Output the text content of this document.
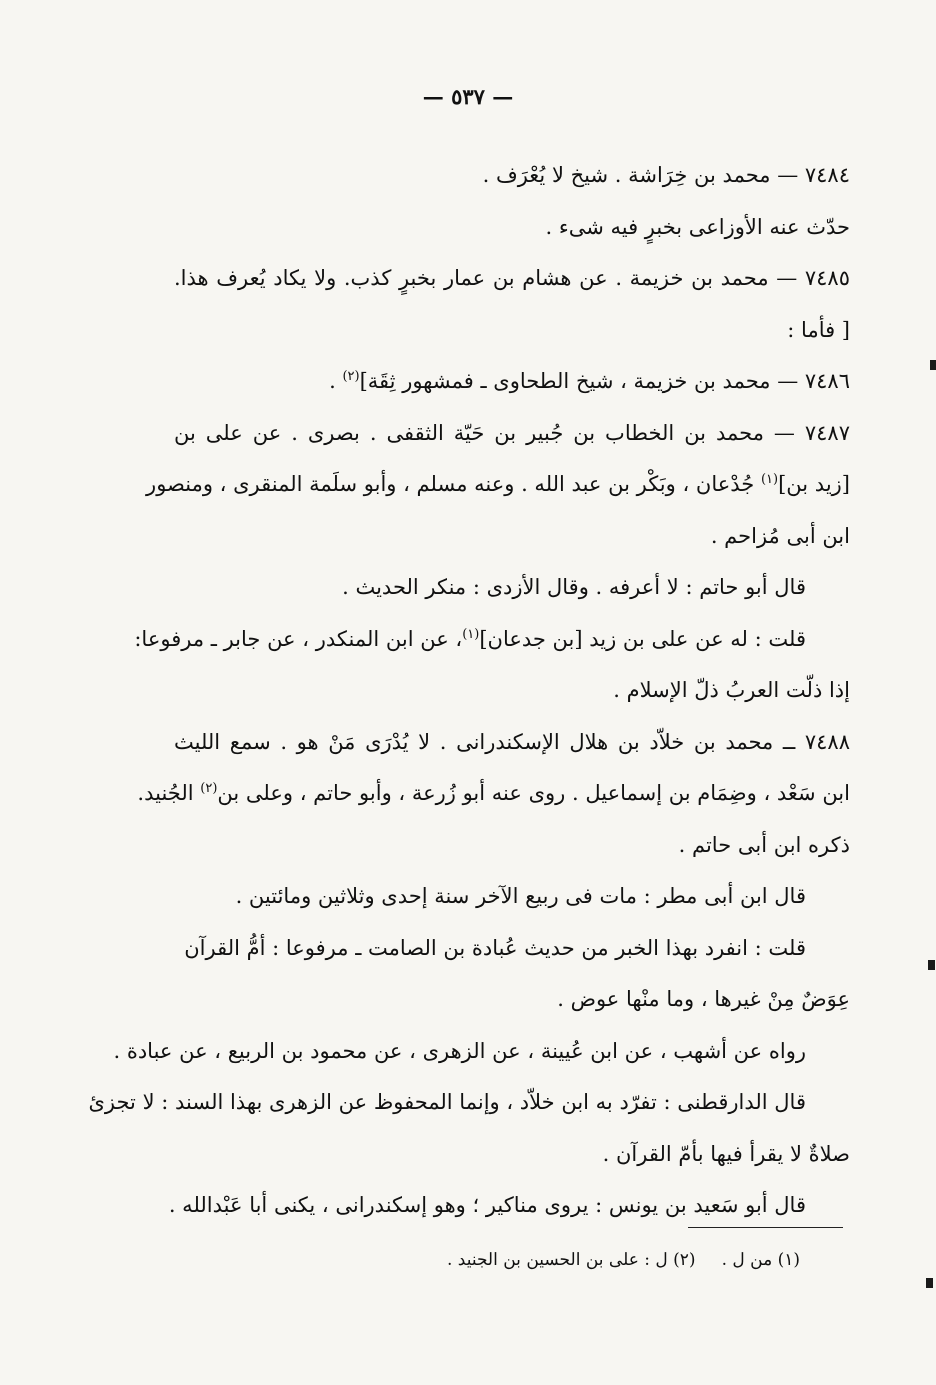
— ٥٣٧ —
٧٤٨٤ — محمد بن خِرَاشة . شيخ لا يُعْرَف .
حدّث عنه الأوزاعى بخبرٍ فيه شىء .
٧٤٨٥ — محمد بن خزيمة . عن هشام بن عمار بخبرٍ كذب. ولا يكاد يُعرف هذا.
[ فأما :
٧٤٨٦ — محمد بن خزيمة ، شيخ الطحاوى ـ فمشهور ثِقَة]$^{(٢)}$ .
٧٤٨٧ — محمد بن الخطاب بن جُبير بن حَيّة الثقفى . بصرى . عن على بن
[زيد بن]$^{(١)}$ جُدْعان ، وبَكْر بن عبد الله . وعنه مسلم ، وأبو سلَمة المنقرى ، ومنصور
ابن أبى مُزاحم .
قال أبو حاتم : لا أعرفه . وقال الأزدى : منكر الحديث .
قلت : له عن على بن زيد [بن جدعان]$^{(١)}$، عن ابن المنكدر ، عن جابر ـ مرفوعا:
إذا ذلّت العربُ ذلّ الإسلام .
٧٤٨٨ ــ محمد بن خلاّد بن هلال الإسكندرانى . لا يُدْرَى مَنْ هو . سمع الليث
ابن سَعْد ، وضِمَام بن إسماعيل . روى عنه أبو زُرعة ، وأبو حاتم ، وعلى بن$^{(٢)}$ الجُنيد.
ذكره ابن أبى حاتم .
قال ابن أبى مطر : مات فى ربيع الآخر سنة إحدى وثلاثين ومائتين .
قلت : انفرد بهذا الخبر من حديث عُبادة بن الصامت ـ مرفوعا : أمُّ القرآن
عِوَضٌ مِنْ غيرها ، وما منْها عوض .
رواه عن أشهب ، عن ابن عُيينة ، عن الزهرى ، عن محمود بن الربيع ، عن عبادة .
قال الدارقطنى : تفرّد به ابن خلاّد ، وإنما المحفوظ عن الزهرى بهذا السند : لا تجزئ
صلاةٌ لا يقرأ فيها بأمّ القرآن .
قال أبو سَعيد بن يونس : يروى مناكير ؛ وهو إسكندرانى ، يكنى أبا عَبْدالله .
(١) من ل .(٢) ل : على بن الحسين بن الجنيد .
